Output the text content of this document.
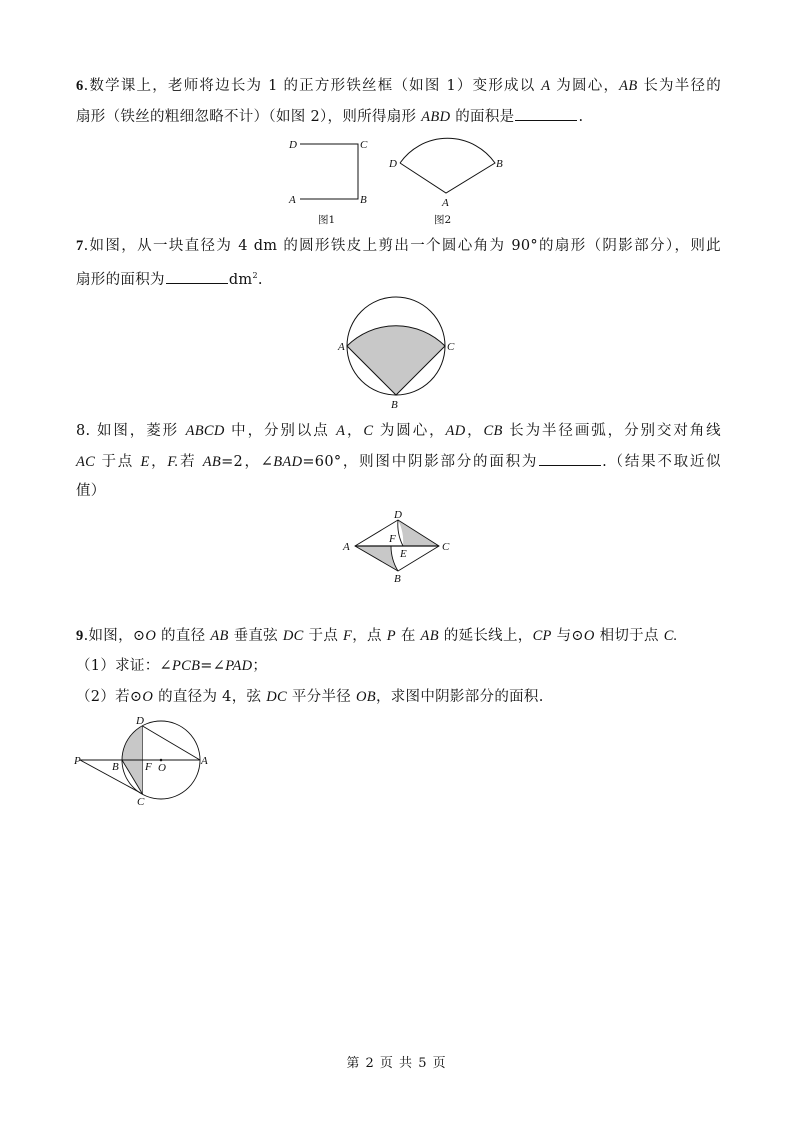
6.数学课上，老师将边长为 1 的正方形铁丝框（如图 1）变形成以 A 为圆心，AB 长为半径的
扇形（铁丝的粗细忽略不计）（如图 2），则所得扇形 ABD 的面积是	.
D	C
A	B
图1
D	B
A
图2
7.如图，从一块直径为 4 dm 的圆形铁皮上剪出一个圆心角为 90°的扇形（阴影部分），则此
扇形的面积为	$dm^2$.
A	C
B
8. 如图，菱形 ABCD 中，分别以点 A，C 为圆心，AD，CB 长为半径画弧，分别交对角线
AC 于点 E，F.若 AB=2，∠BAD=60°，则图中阴影部分的面积为	.（结果不取近似
值）
D
A
F
E
C
B
9.如图，⊙O 的直径 AB 垂直弦 DC 于点 F，点 P 在 AB 的延长线上，CP 与⊙O 相切于点 C.
（1）求证：∠PCB=∠PAD；
（2）若⊙O 的直径为 4，弦 DC 平分半径 OB，求图中阴影部分的面积.
D
P	B F O
A
C
第 2 页 共 5 页
